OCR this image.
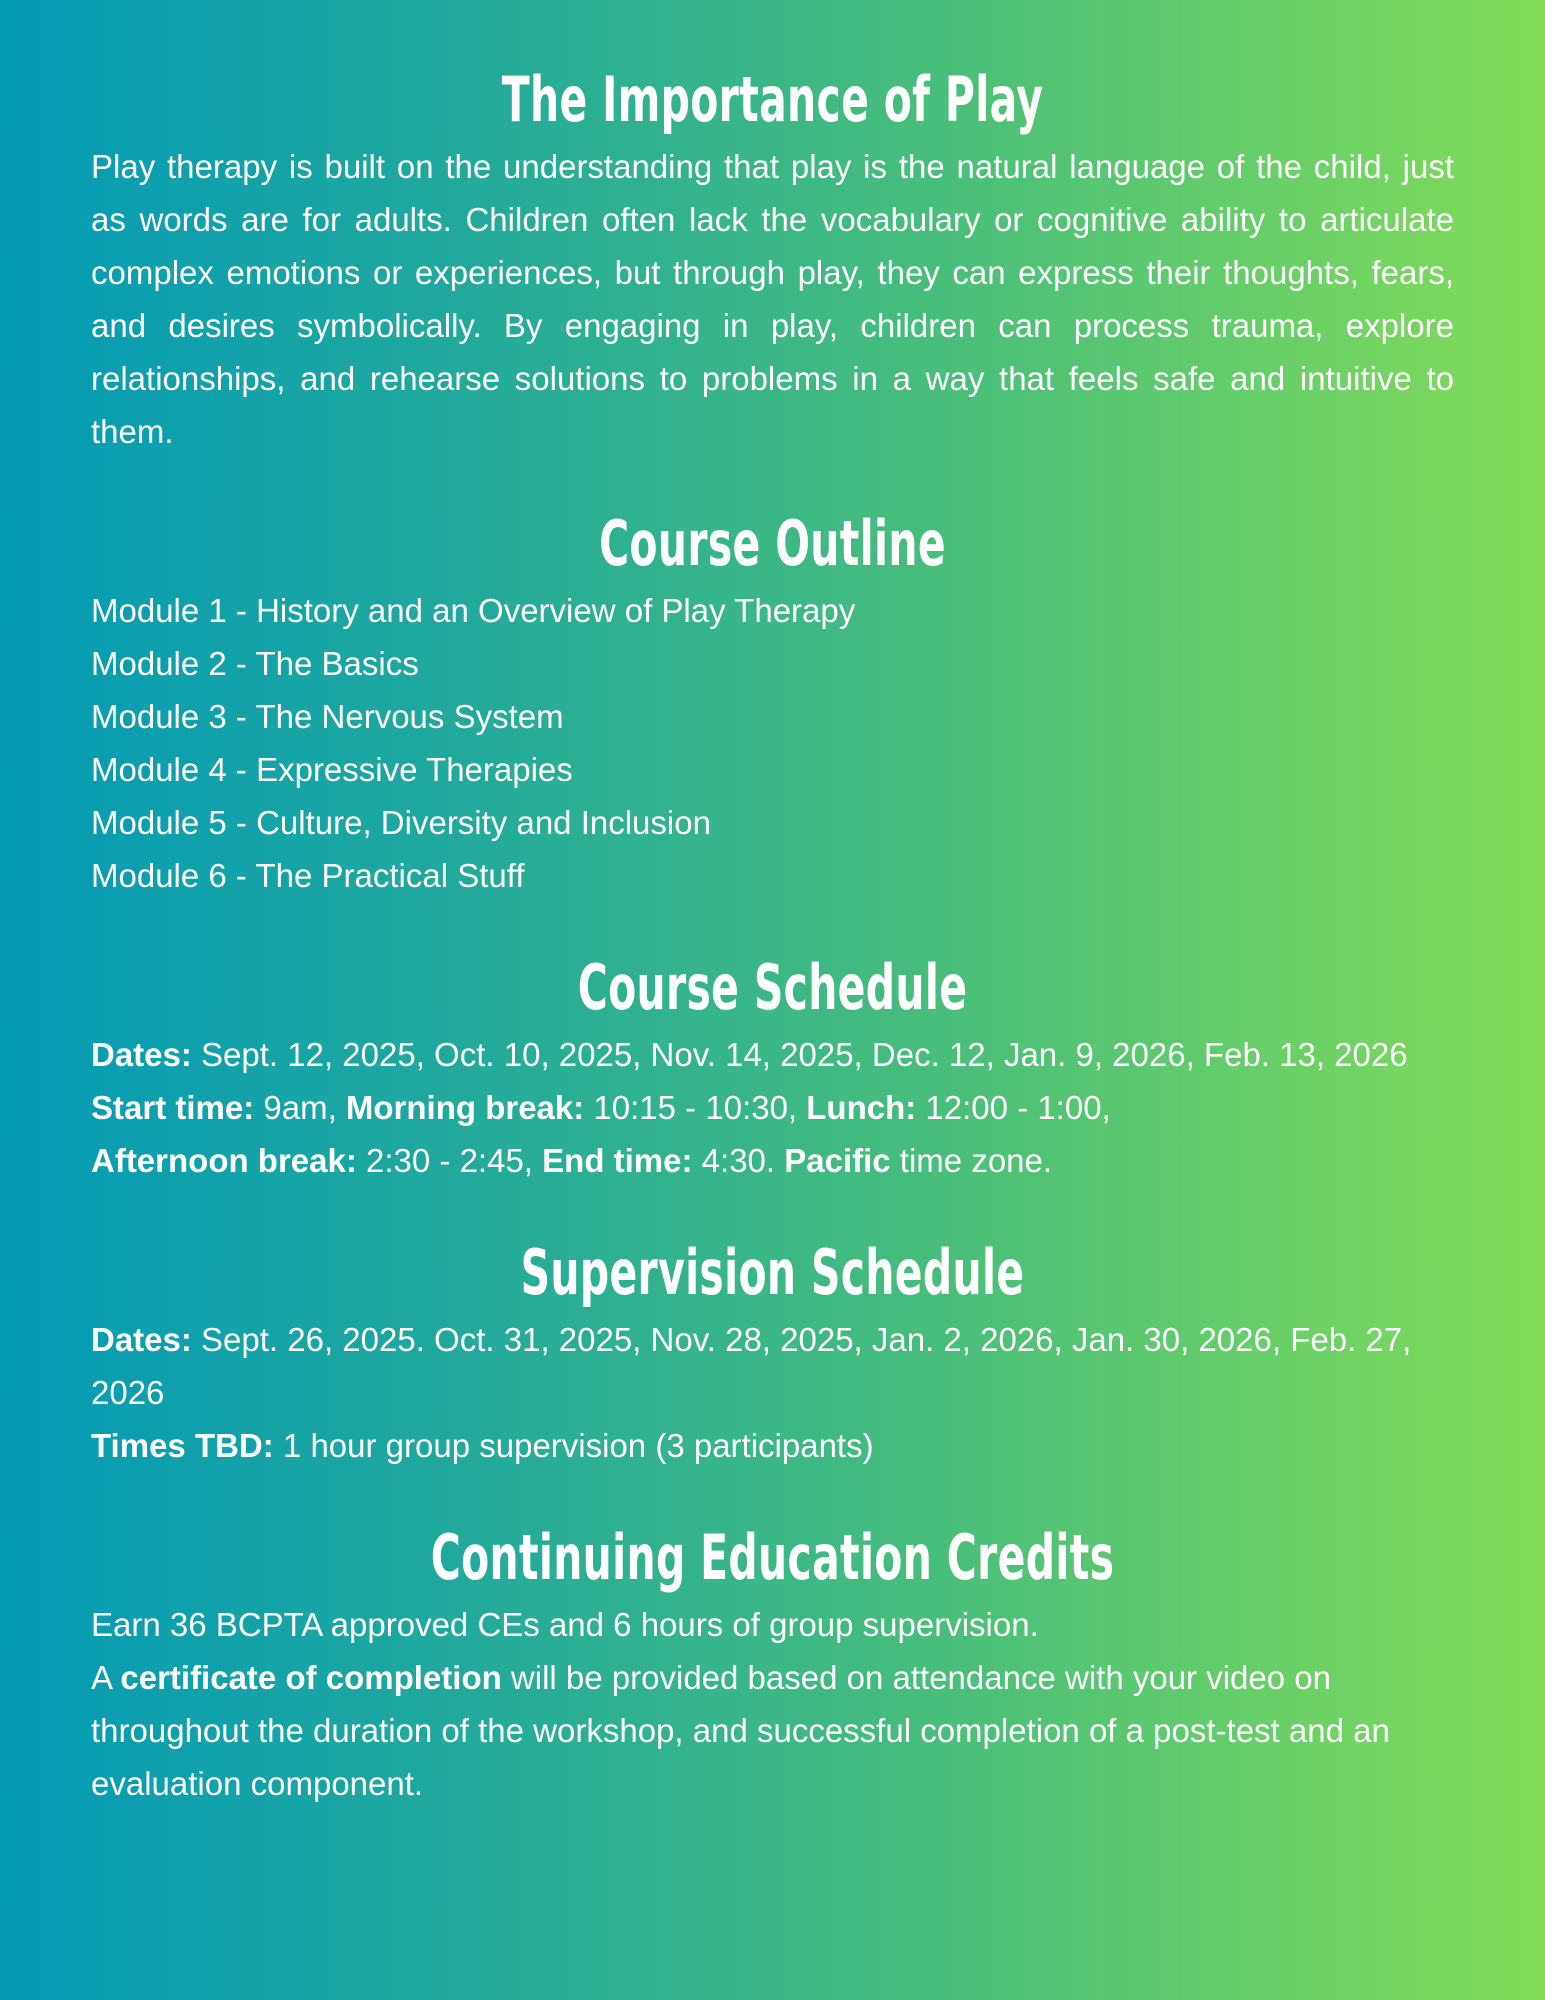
The Importance of Play

Play therapy is built on the understanding that play is the natural language of the child, just as words are for adults. Children often lack the vocabulary or cognitive ability to articulate complex emotions or experiences, but through play, they can express their thoughts, fears, and desires symbolically. By engaging in play, children can process trauma, explore relationships, and rehearse solutions to problems in a way that feels safe and intuitive to them.

Course Outline
Module 1 - History and an Overview of Play Therapy
Module 2 - The Basics
Module 3 - The Nervous System
Module 4 - Expressive Therapies
Module 5 - Culture, Diversity and Inclusion
Module 6 - The Practical Stuff
Course Schedule

Dates: Sept. 12, 2025, Oct. 10, 2025, Nov. 14, 2025, Dec. 12, Jan. 9, 2026, Feb. 13, 2026

Start time: 9am, Morning break: 10:15 - 10:30, Lunch: 12:00 - 1:00,
Afternoon break: 2:30 - 2:45, End time: 4:30. Pacific time zone.

Supervision Schedule

Dates: Sept. 26, 2025. Oct. 31, 2025, Nov. 28, 2025, Jan. 2, 2026, Jan. 30, 2026, Feb. 27, 2026

Times TBD: 1 hour group supervision (3 participants)

Continuing Education Credits

Earn 36 BCPTA approved CEs and 6 hours of group supervision.

A certificate of completion will be provided based on attendance with your video on throughout the duration of the workshop, and successful completion of a post-test and an evaluation component.
